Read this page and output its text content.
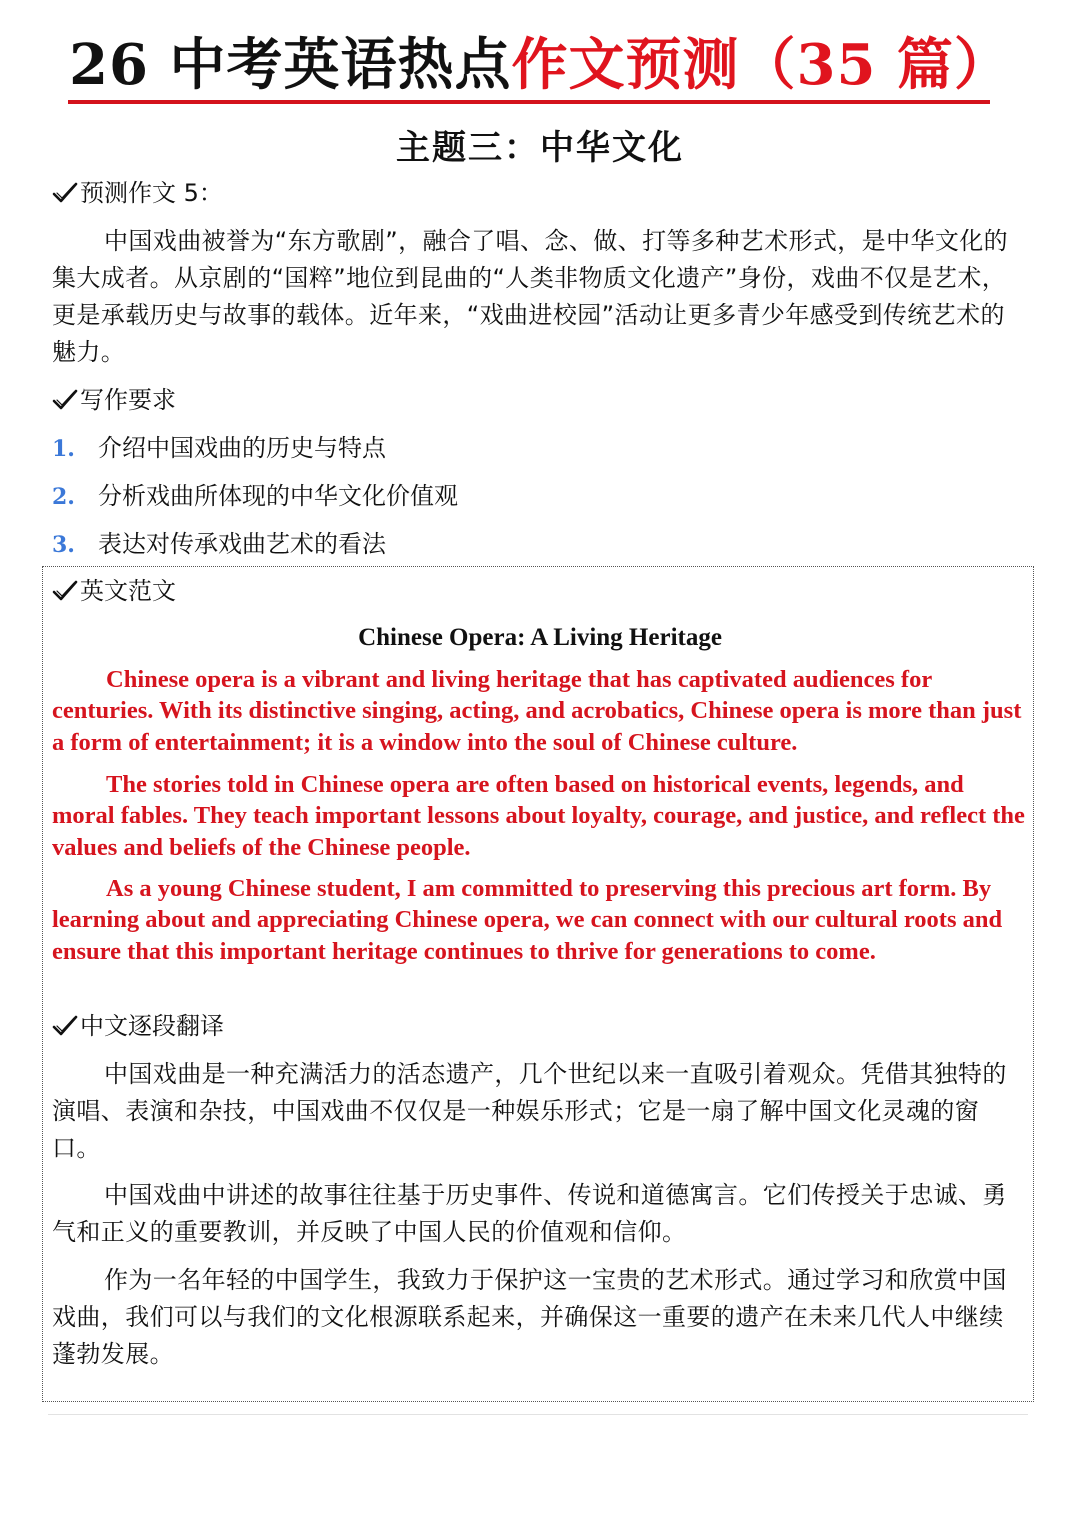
26 中考英语热点作文预测（35 篇）
主题三：中华文化
预测作文 5：
中国戏曲被誉为“东方歌剧”，融合了唱、念、做、打等多种艺术形式，是中华文化的集大成者。从京剧的“国粹”地位到昆曲的“人类非物质文化遗产”身份，戏曲不仅是艺术，更是承载历史与故事的载体。近年来，“戏曲进校园”活动让更多青少年感受到传统艺术的魅力。
写作要求
1. 介绍中国戏曲的历史与特点
2. 分析戏曲所体现的中华文化价值观
3. 表达对传承戏曲艺术的看法
英文范文
Chinese Opera: A Living Heritage
Chinese opera is a vibrant and living heritage that has captivated audiences for centuries. With its distinctive singing, acting, and acrobatics, Chinese opera is more than just a form of entertainment; it is a window into the soul of Chinese culture.
The stories told in Chinese opera are often based on historical events, legends, and moral fables. They teach important lessons about loyalty, courage, and justice, and reflect the values and beliefs of the Chinese people.
As a young Chinese student, I am committed to preserving this precious art form. By learning about and appreciating Chinese opera, we can connect with our cultural roots and ensure that this important heritage continues to thrive for generations to come.
中文逐段翻译
中国戏曲是一种充满活力的活态遗产，几个世纪以来一直吸引着观众。凭借其独特的演唱、表演和杂技，中国戏曲不仅仅是一种娱乐形式；它是一扇了解中国文化灵魂的窗口。
中国戏曲中讲述的故事往往基于历史事件、传说和道德寓言。它们传授关于忠诚、勇气和正义的重要教训，并反映了中国人民的价值观和信仰。
作为一名年轻的中国学生，我致力于保护这一宝贵的艺术形式。通过学习和欣赏中国戏曲，我们可以与我们的文化根源联系起来，并确保这一重要的遗产在未来几代人中继续蓬勃发展。
